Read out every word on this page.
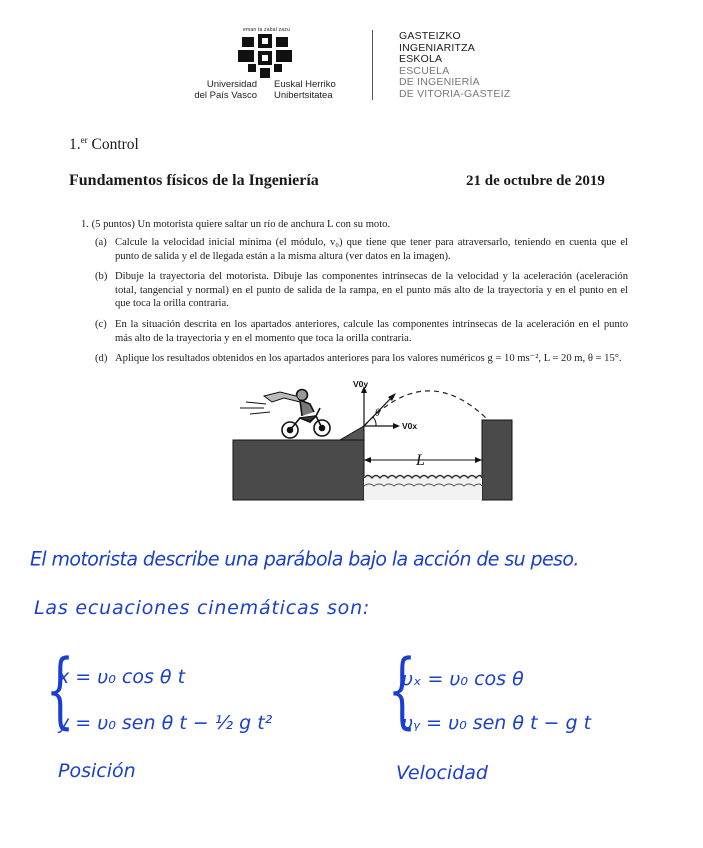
eman ta zabal zazu
Universidad
del País Vasco
Euskal Herriko
Unibertsitatea
GASTEIZKO
INGENIARITZA
ESKOLA
ESCUELA
DE INGENIERÍA
DE VITORIA-GASTEIZ
1.$^{er}$ Control
Fundamentos físicos de la Ingeniería	21 de octubre de 2019
1. (5 puntos) Un motorista quiere saltar un río de anchura L con su moto.
(a) Calcule la velocidad inicial mínima (el módulo, v₀) que tiene que tener para atraversarlo, teniendo en cuenta que el punto de salida y el de llegada están a la misma altura (ver datos en la imagen).
(b) Dibuje la trayectoria del motorista. Dibuje las componentes intrínsecas de la velocidad y la aceleración (aceleración total, tangencial y normal) en el punto de salida de la rampa, en el punto más alto de la trayectoria y en el punto en el que toca la orilla contraria.
(c) En la situación descrita en los apartados anteriores, calcule las componentes intrínsecas de la aceleración en el punto más alto de la trayectoria y en el momento que toca la orilla contraria.
(d) Aplique los resultados obtenidos en los apartados anteriores para los valores numéricos g = 10 ms⁻², L = 20 m, θ = 15°.
L
V0y
V0x
θ
El motorista describe una parábola bajo la acción de su peso.
Las ecuaciones cinemáticas son:
{
x = υ₀ cos θ t
y = υ₀ sen θ t − ½ g t²
Posición
{
υₓ = υ₀ cos θ
υᵧ = υ₀ sen θ t − g t
Velocidad
